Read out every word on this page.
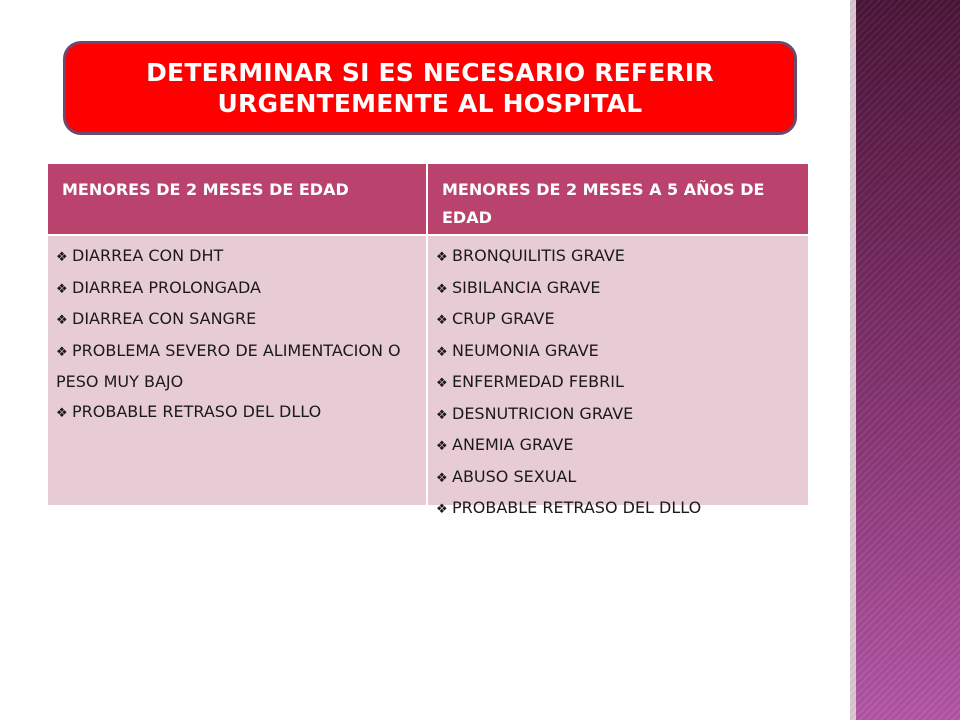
DETERMINAR SI ES NECESARIO REFERIR URGENTEMENTE AL HOSPITAL
MENORES DE 2 MESES DE EDAD	MENORES DE 2 MESES A 5 AÑOS DE EDAD
❖ DIARREA CON DHT
❖ DIARREA PROLONGADA
❖ DIARREA CON SANGRE
❖ PROBLEMA SEVERO DE ALIMENTACION O PESO MUY BAJO
❖ PROBABLE RETRASO DEL DLLO
❖ BRONQUILITIS GRAVE
❖ SIBILANCIA GRAVE
❖ CRUP GRAVE
❖ NEUMONIA GRAVE
❖ ENFERMEDAD FEBRIL
❖ DESNUTRICION GRAVE
❖ ANEMIA GRAVE
❖ ABUSO SEXUAL
❖ PROBABLE RETRASO DEL DLLO
